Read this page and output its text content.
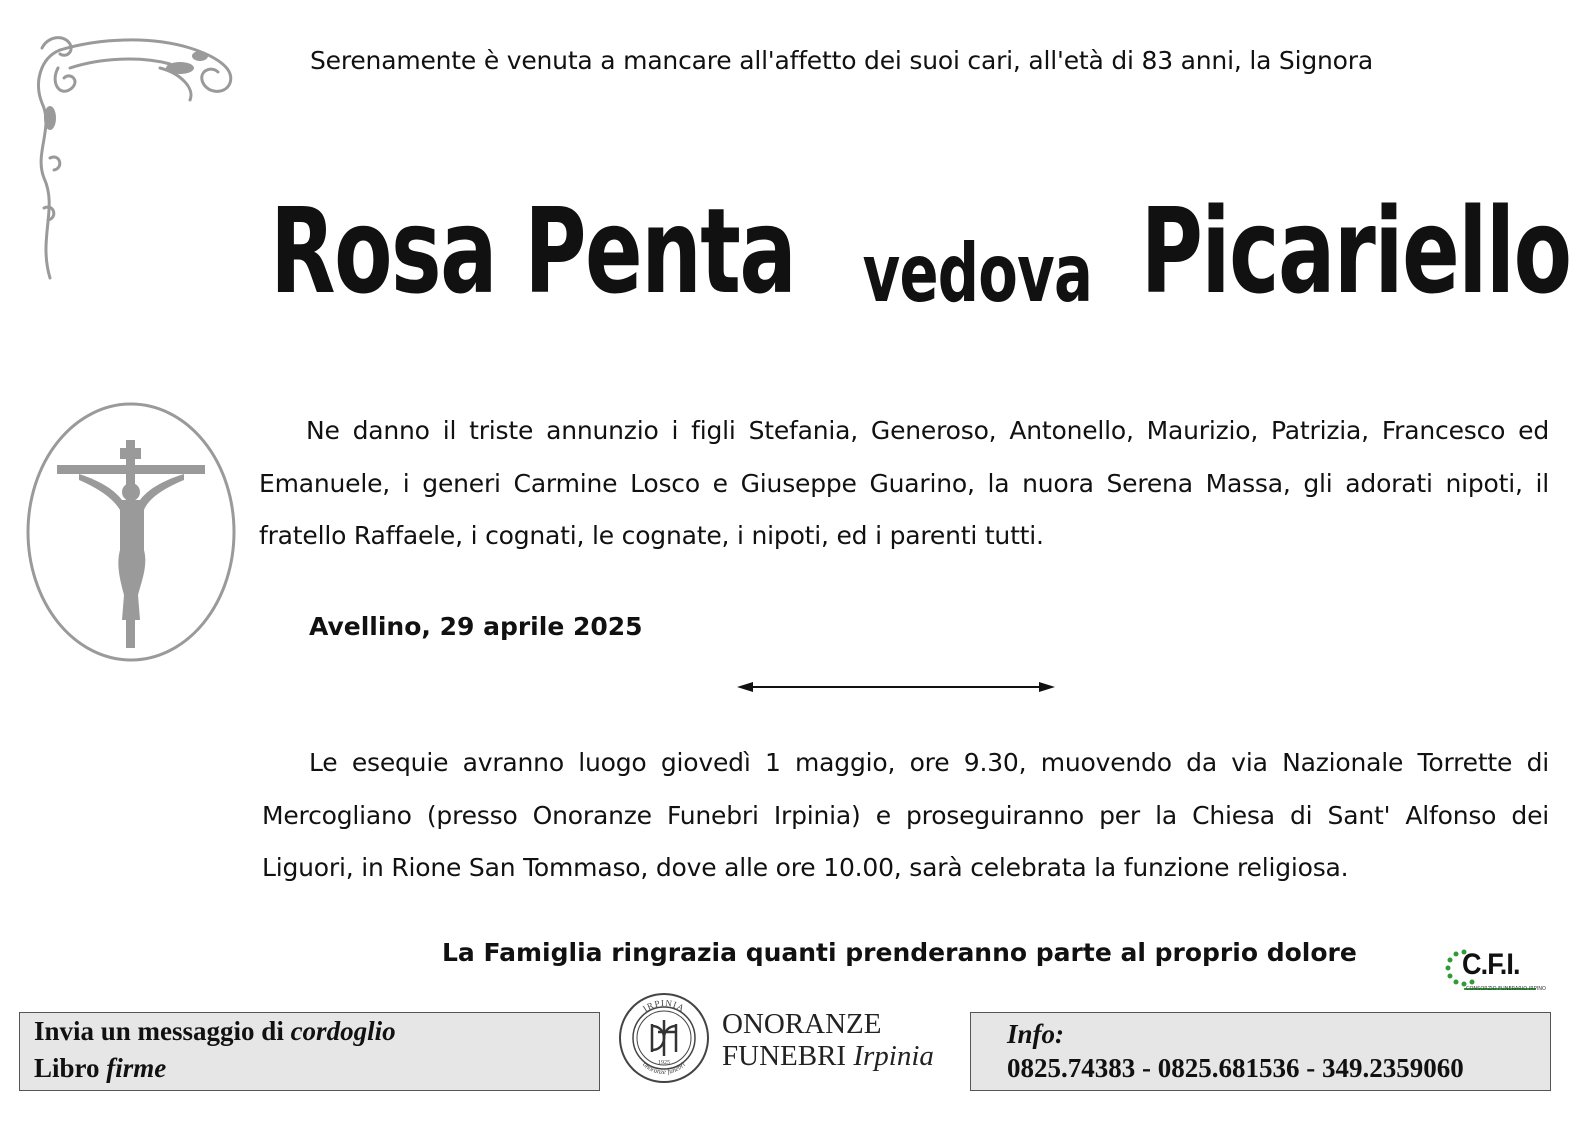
Serenamente è venuta a mancare all'affetto dei suoi cari, all'età di 83 anni, la Signora
Rosa Penta vedova Picariello
Ne danno il triste annunzio i figli Stefania, Generoso, Antonello, Maurizio, Patrizia, Francesco ed Emanuele, i generi Carmine Losco e Giuseppe Guarino, la nuora Serena Massa, gli adorati nipoti, il fratello Raffaele, i cognati, le cognate, i nipoti, ed i parenti tutti.
Avellino, 29 aprile 2025
Le esequie avranno luogo giovedì 1 maggio, ore 9.30, muovendo da via Nazionale Torrette di Mercogliano (presso Onoranze Funebri Irpinia) e proseguiranno per la Chiesa di Sant' Alfonso dei Liguori, in Rione San Tommaso, dove alle ore 10.00, sarà celebrata la funzione religiosa.
La Famiglia ringrazia quanti prenderanno parte al proprio dolore	C.F.I.
CONSORZIO FUNERARIO IRPINO
Invia un messaggio di cordoglio
Libro firme
IRPINIA
onoranze funebri
1925
ONORANZE
FUNEBRI Irpinia
Info:
0825.74383 - 0825.681536 - 349.2359060
